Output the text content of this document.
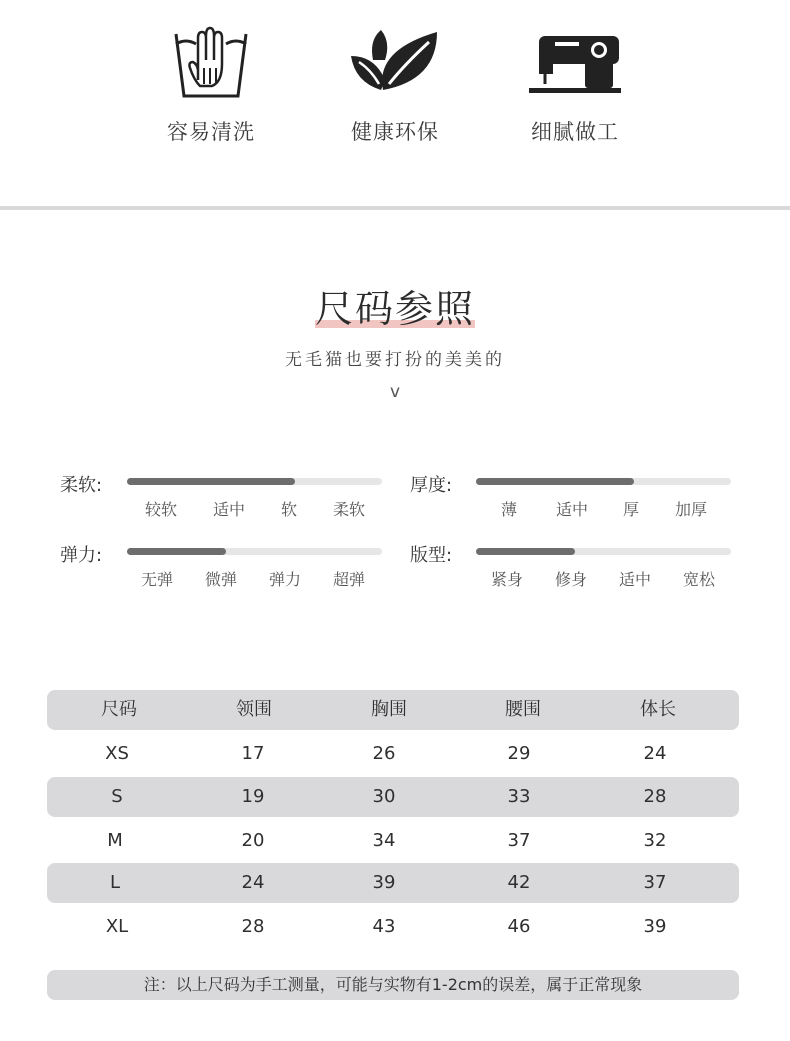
容易清洗	健康环保	细腻做工
尺码参照
无毛猫也要打扮的美美的
v
柔软:
较软	适中	软	柔软
厚度:
薄	适中	厚	加厚
弹力:
无弹	微弹	弹力	超弹
版型:
紧身	修身	适中	宽松
尺码	领围	胸围	腰围	体长
XS	17	26	29	24
S	19	30	33	28
M	20	34	37	32
L	24	39	42	37
XL	28	43	46	39
注：以上尺码为手工测量，可能与实物有1-2cm的误差，属于正常现象
